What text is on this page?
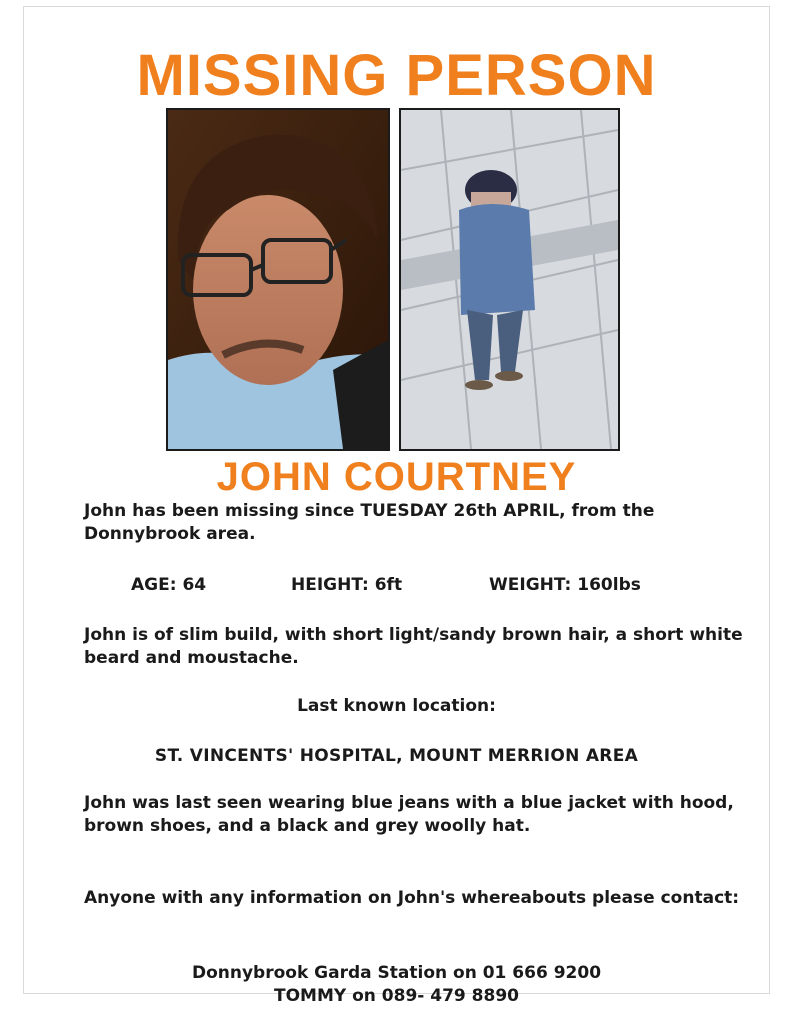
MISSING PERSON
JOHN COURTNEY

John has been missing since TUESDAY 26th APRIL, from the Donnybrook area.

AGE: 64	HEIGHT: 6ft	WEIGHT: 160lbs

John is of slim build, with short light/sandy brown hair, a short white beard and moustache.

Last known location:

ST. VINCENTS' HOSPITAL, MOUNT MERRION AREA

John was last seen wearing blue jeans with a blue jacket with hood, brown shoes, and a black and grey woolly hat.

Anyone with any information on John's whereabouts please contact:

Donnybrook Garda Station on 01 666 9200

TOMMY on 089- 479 8890
